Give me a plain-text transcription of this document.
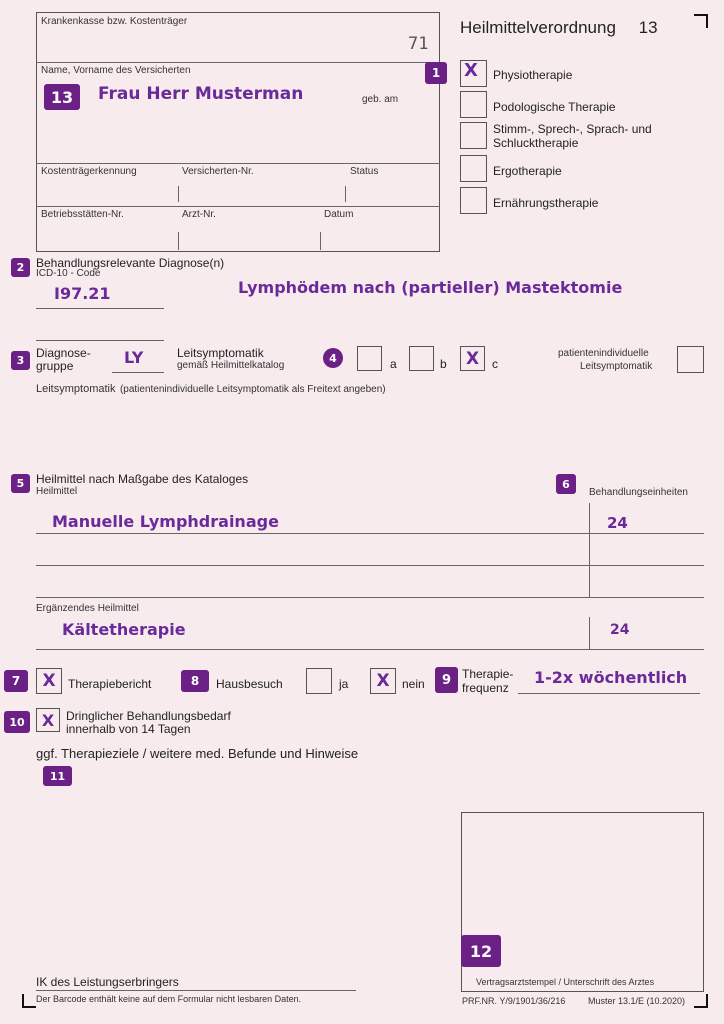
Heilmittelverordnung 13
Krankenkasse bzw. Kostenträger
71
Name, Vorname des Versicherten
Frau Herr Musterman	geb. am
Kostenträgerkennung	Versicherten-Nr.	Status
Betriebsstätten-Nr.	Arzt-Nr.	Datum
13
1	X	Physiotherapie
Podologische Therapie
Stimm-, Sprech-, Sprach- und
Schlucktherapie
Ergotherapie
Ernährungstherapie
2 Behandlungsrelevante Diagnose(n)
ICD-10 - Code
I97.21	Lymphödem nach (partieller) Mastektomie
3
Diagnose-
gruppe	LY	Leitsymptomatik
gemäß Heilmittelkatalog
4	a	b	X	c
patientenindividuelle
Leitsymptomatik
Leitsymptomatik (patientenindividuelle Leitsymptomatik als Freitext angeben)
5 Heilmittel nach Maßgabe des Kataloges
Heilmittel
6
Behandlungseinheiten
Manuelle Lymphdrainage	24
Ergänzendes Heilmittel
Kältetherapie	24
7	X	Therapiebericht	8	Hausbesuch	ja	X	nein	9 Therapie-
frequenz
1-2x wöchentlich
10	X Dringlicher Behandlungsbedarf
innerhalb von 14 Tagen
ggf. Therapieziele / weitere med. Befunde und Hinweise
11
12
Vertragsarztstempel / Unterschrift des Arztes
IK des Leistungserbringers
Der Barcode enthält keine auf dem Formular nicht lesbaren Daten.	PRF.NR. Y/9/1901/36/216	Muster 13.1/E (10.2020)
